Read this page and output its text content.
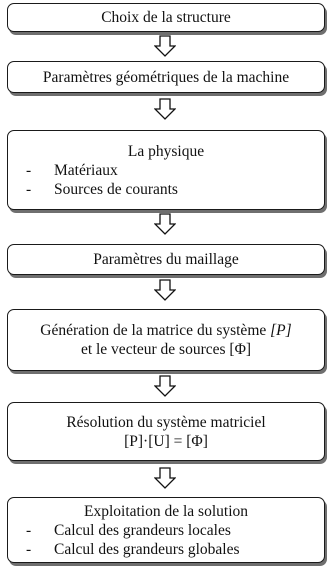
Choix de la structure
Paramètres géométriques de la machine
La physique
- Matériaux
- Sources de courants
Paramètres du maillage
Génération de la matrice du système [P]
et le vecteur de sources [Φ]
Résolution du système matriciel
[P]·[U] = [Φ]
Exploitation de la solution
- Calcul des grandeurs locales
- Calcul des grandeurs globales
